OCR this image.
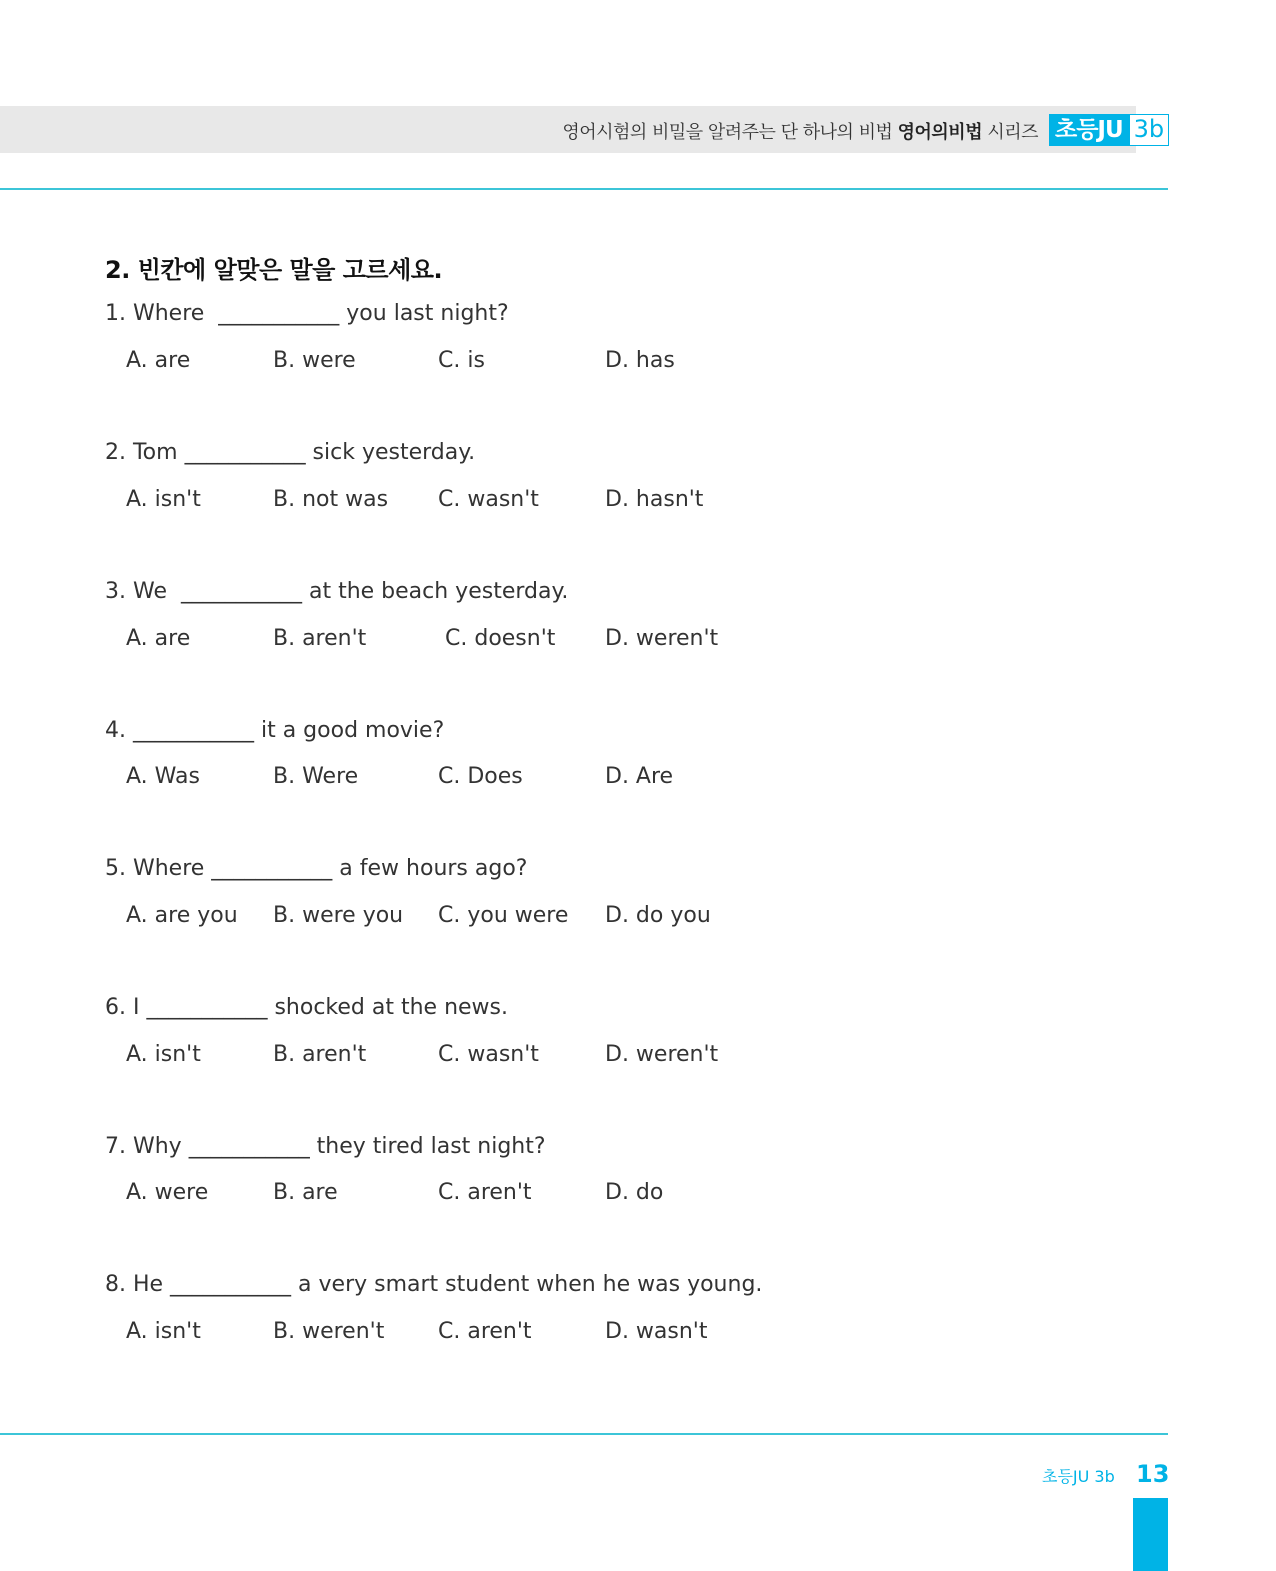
영어시험의 비밀을 알려주는 단 하나의 비법 영어의비법 시리즈 초등JU 3b
2. 빈칸에 알맞은 말을 고르세요.
1. Where  ___________ you last night?
A. are	B. were	C. is	D. has
2. Tom ___________ sick yesterday.
A. isn't	B. not was C. wasn't	D. hasn't
3. We  ___________ at the beach yesterday.
A. are	B. aren't	C. doesn't D. weren't
4. ___________ it a good movie?
A. Was	B. Were	C. Does	D. Are
5. Where ___________ a few hours ago?
A. are you B. were you C. you were D. do you
6. I ___________ shocked at the news.
A. isn't	B. aren't	C. wasn't	D. weren't
7. Why ___________ they tired last night?
A. were	B. are	C. aren't	D. do
8. He ___________ a very smart student when he was young.
A. isn't	B. weren't C. aren't	D. wasn't
초등JU 3b 13
